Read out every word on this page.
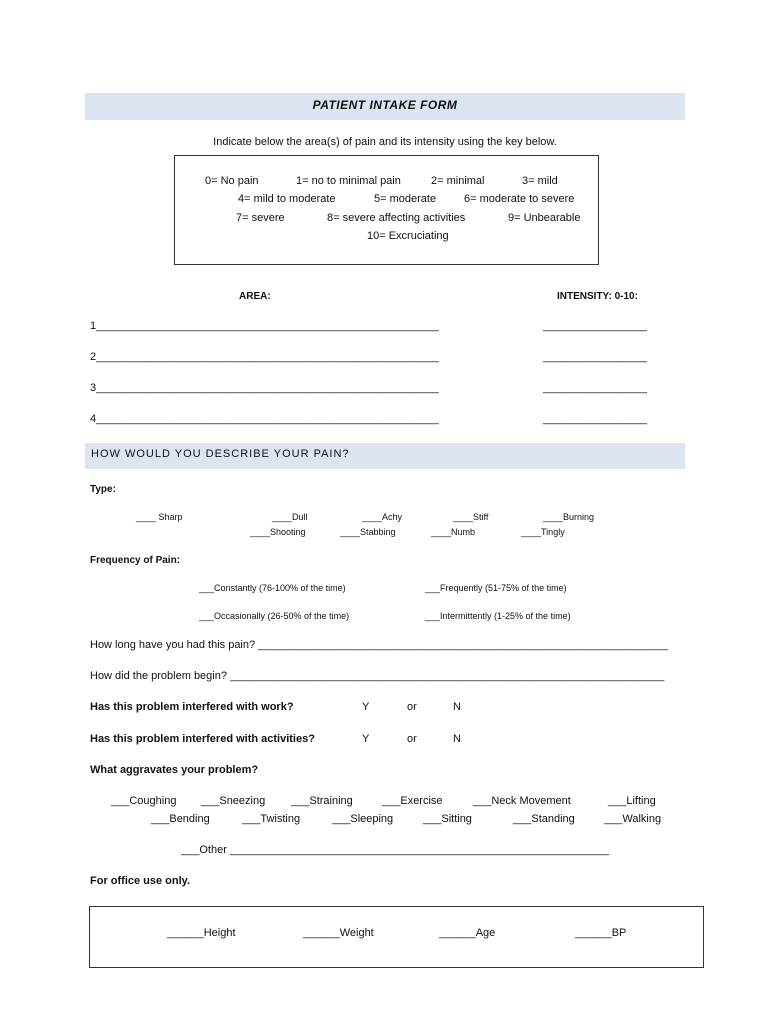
PATIENT INTAKE FORM
Indicate below the area(s) of pain and its intensity using the key below.
0= No pain	1= no to minimal pain	2= minimal	3= mild
4= mild to moderate	5= moderate	6= moderate to severe
7= severe	8= severe affecting activities	9= Unbearable
10= Excruciating
AREA:	INTENSITY: 0-10:
1________________________________________________________	_________________
2________________________________________________________	_________________
3________________________________________________________	_________________
4________________________________________________________	_________________
HOW WOULD YOU DESCRIBE YOUR PAIN?
Type:
____ Sharp	____Dull	____Achy	____Stiff	____Burning
____Shooting	____Stabbing	____Numb	____Tingly
Frequency of Pain:
___Constantly (76-100% of the time)	___Frequently (51-75% of the time)
___Occasionally (26-50% of the time)	___Intermittently (1-25% of the time)
How long have you had this pain? ___________________________________________________________________
How did the problem begin? _______________________________________________________________________
Has this problem interfered with work?	Y	or	N
Has this problem interfered with activities?	Y	or	N
What aggravates your problem?
___Coughing ___Sneezing ___Straining	___Exercise	___Neck Movement	___Lifting
___Bending	___Twisting	___Sleeping	___Sitting	___Standing	___Walking
___Other ______________________________________________________________
For office use only.
______Height	______Weight	______Age	______BP
